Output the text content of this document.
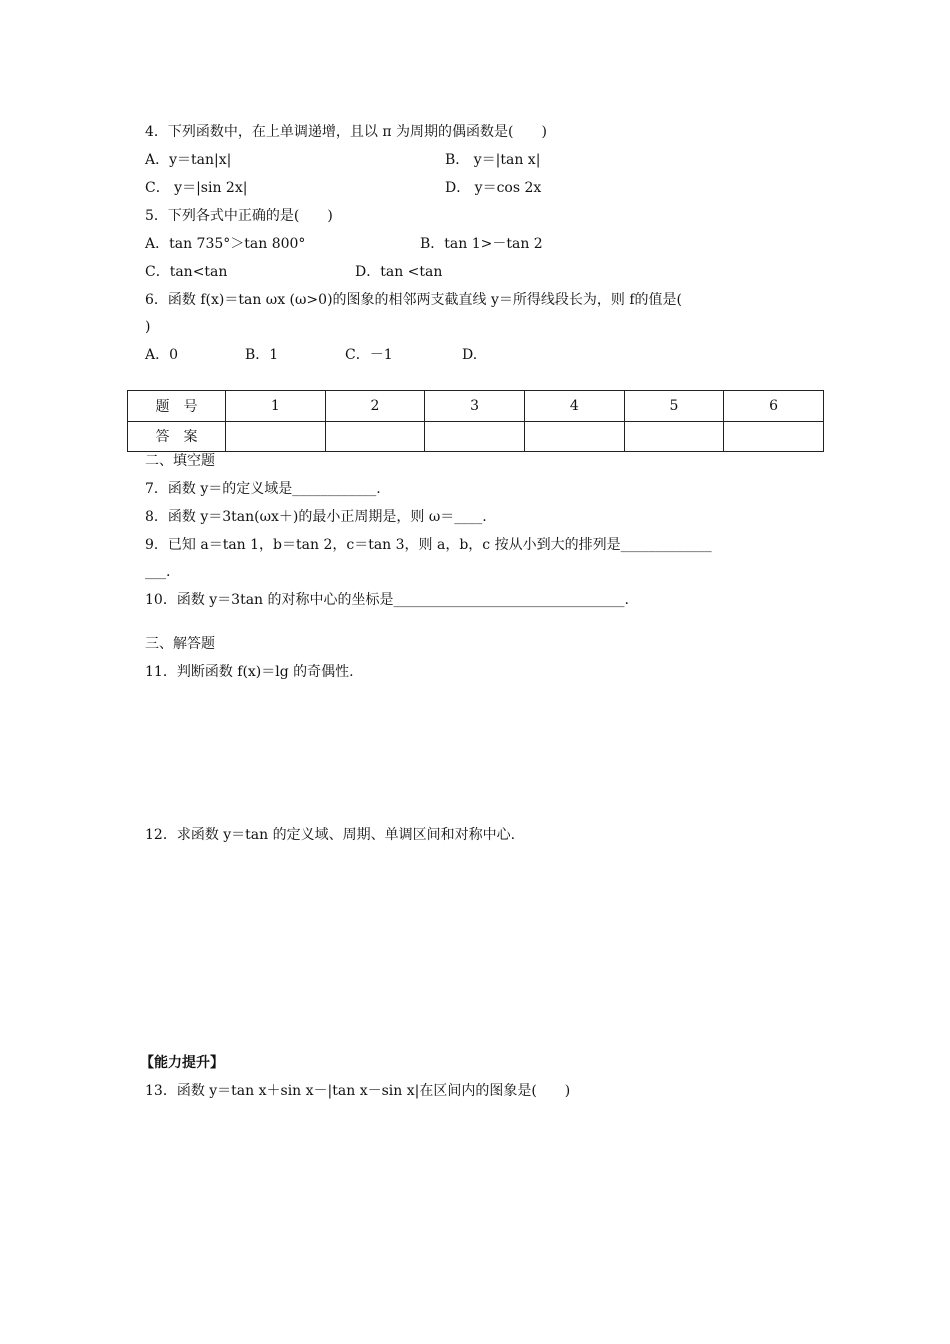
4．下列函数中，在上单调递增，且以 π 为周期的偶函数是(　　)
A．y＝tan|x|	B． y＝|tan x|
C． y＝|sin 2x|	D． y＝cos 2x
5．下列各式中正确的是(　　)
A．tan 735°＞tan 800°	B．tan 1>－tan 2
C．tan<tan	D．tan <tan
6．函数 f(x)＝tan ωx (ω>0)的图象的相邻两支截直线 y＝所得线段长为，则 f的值是(
)
A．0	B．1	C．－1	D.
题　号	1	2	3	4	5	6
答　案						
二、填空题
7．函数 y＝的定义域是____________.
8．函数 y＝3tan(ωx＋)的最小正周期是，则 ω＝____.
9．已知 a＝tan 1，b＝tan 2，c＝tan 3，则 a，b，c 按从小到大的排列是_____________
___.
10．函数 y＝3tan 的对称中心的坐标是_________________________________.
三、解答题
11．判断函数 f(x)＝lg 的奇偶性.
12．求函数 y＝tan 的定义域、周期、单调区间和对称中心.
【能力提升】
13．函数 y＝tan x＋sin x－|tan x－sin x|在区间内的图象是(　　)
